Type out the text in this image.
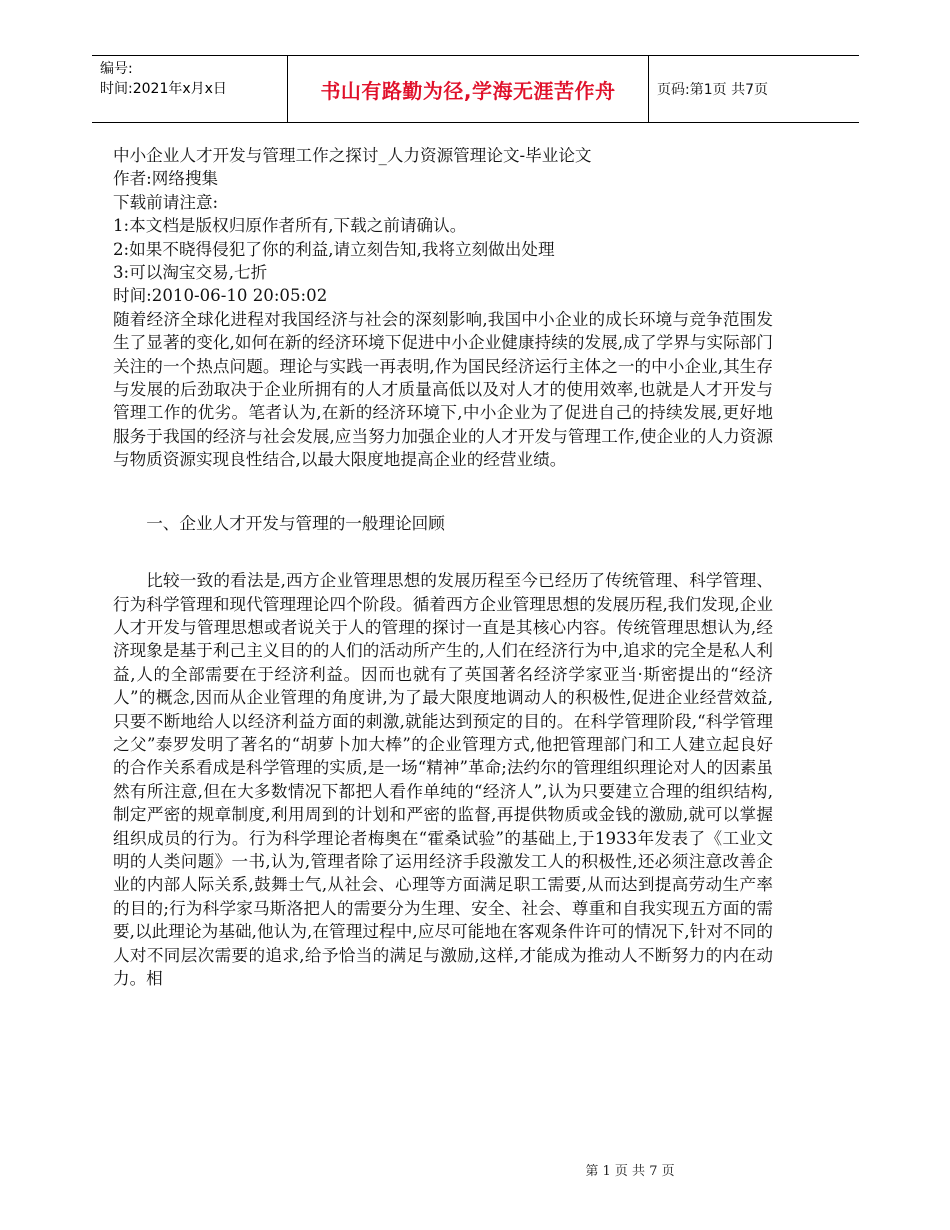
编号:
时间:2021年x月x日	书山有路勤为径,学海无涯苦作舟	页码:第1页 共7页

中小企业人才开发与管理工作之探讨_人力资源管理论文-毕业论文

作者:网络搜集

下载前请注意:

1:本文档是版权归原作者所有,下载之前请确认。

2:如果不晓得侵犯了你的利益,请立刻告知,我将立刻做出处理

3:可以淘宝交易,七折

时间:2010-06-10 20:05:02

随着经济全球化进程对我国经济与社会的深刻影响,我国中小企业的成长环境与竞争范围发生了显著的变化,如何在新的经济环境下促进中小企业健康持续的发展,成了学界与实际部门关注的一个热点问题。理论与实践一再表明,作为国民经济运行主体之一的中小企业,其生存与发展的后劲取决于企业所拥有的人才质量高低以及对人才的使用效率,也就是人才开发与管理工作的优劣。笔者认为,在新的经济环境下,中小企业为了促进自己的持续发展,更好地服务于我国的经济与社会发展,应当努力加强企业的人才开发与管理工作,使企业的人力资源与物质资源实现良性结合,以最大限度地提高企业的经营业绩。

一、企业人才开发与管理的一般理论回顾

比较一致的看法是,西方企业管理思想的发展历程至今已经历了传统管理、科学管理、行为科学管理和现代管理理论四个阶段。循着西方企业管理思想的发展历程,我们发现,企业人才开发与管理思想或者说关于人的管理的探讨一直是其核心内容。传统管理思想认为,经济现象是基于利己主义目的的人们的活动所产生的,人们在经济行为中,追求的完全是私人利益,人的全部需要在于经济利益。因而也就有了英国著名经济学家亚当·斯密提出的“经济人”的概念,因而从企业管理的角度讲,为了最大限度地调动人的积极性,促进企业经营效益,只要不断地给人以经济利益方面的刺激,就能达到预定的目的。在科学管理阶段,“科学管理之父”泰罗发明了著名的“胡萝卜加大棒”的企业管理方式,他把管理部门和工人建立起良好的合作关系看成是科学管理的实质,是一场“精神”革命;法约尔的管理组织理论对人的因素虽然有所注意,但在大多数情况下都把人看作单纯的“经济人”,认为只要建立合理的组织结构,制定严密的规章制度,利用周到的计划和严密的监督,再提供物质或金钱的激励,就可以掌握组织成员的行为。行为科学理论者梅奥在“霍桑试验”的基础上,于1933年发表了《工业文明的人类问题》一书,认为,管理者除了运用经济手段激发工人的积极性,还必须注意改善企业的内部人际关系,鼓舞士气,从社会、心理等方面满足职工需要,从而达到提高劳动生产率的目的;行为科学家马斯洛把人的需要分为生理、安全、社会、尊重和自我实现五方面的需要,以此理论为基础,他认为,在管理过程中,应尽可能地在客观条件许可的情况下,针对不同的人对不同层次需要的追求,给予恰当的满足与激励,这样,才能成为推动人不断努力的内在动力。相

第 1 页 共 7 页
